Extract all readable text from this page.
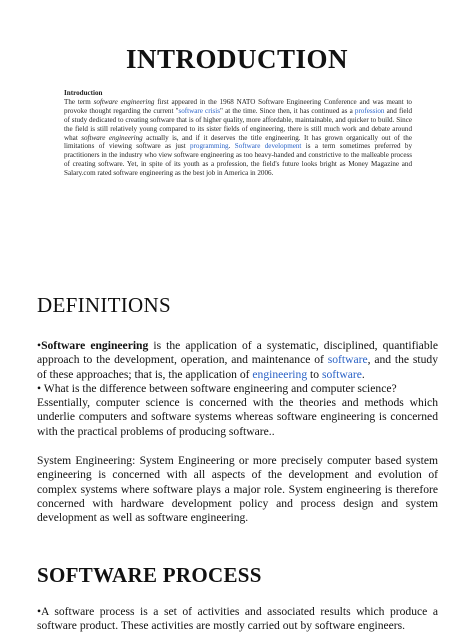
INTRODUCTION
Introduction
The term software engineering first appeared in the 1968 NATO Software Engineering Conference and was meant to provoke thought regarding the current "software crisis" at the time. Since then, it has continued as a profession and field of study dedicated to creating software that is of higher quality, more affordable, maintainable, and quicker to build. Since the field is still relatively young compared to its sister fields of engineering, there is still much work and debate around what software engineering actually is, and if it deserves the title engineering. It has grown organically out of the limitations of viewing software as just programming. Software development is a term sometimes preferred by practitioners in the industry who view software engineering as too heavy-handed and constrictive to the malleable process of creating software. Yet, in spite of its youth as a profession, the field's future looks bright as Money Magazine and Salary.com rated software engineering as the best job in America in 2006.
DEFINITIONS

•Software engineering is the application of a systematic, disciplined, quantifiable approach to the development, operation, and maintenance of software, and the study of these approaches; that is, the application of engineering to software.

• What is the difference between software engineering and computer science?

Essentially, computer science is concerned with the theories and methods which underlie computers and software systems whereas software engineering is concerned with the practical problems of producing software..

System Engineering: System Engineering or more precisely computer based system engineering is concerned with all aspects of the development and evolution of complex systems where software plays a major role. System engineering is therefore concerned with hardware development policy and process design and system development as well as software engineering.

SOFTWARE PROCESS

•A software process is a set of activities and associated results which produce a software product. These activities are mostly carried out by software engineers.
